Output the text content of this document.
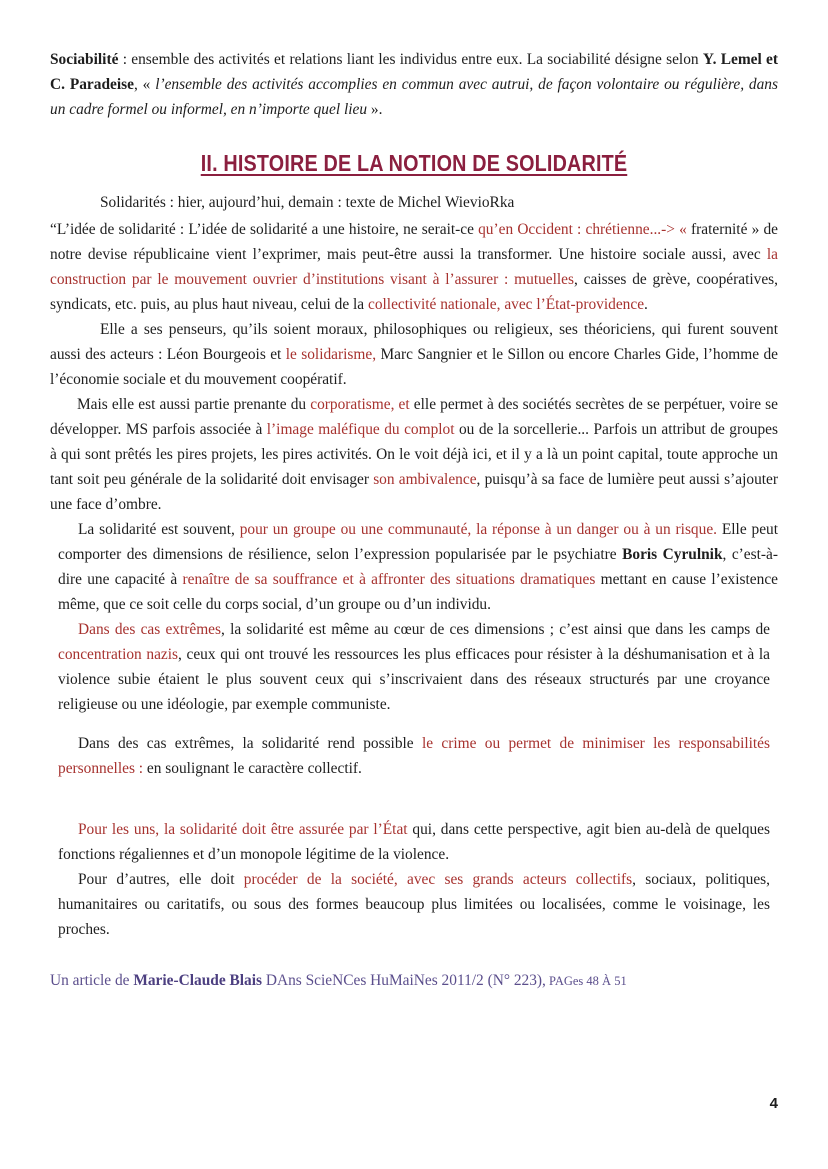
Sociabilité : ensemble des activités et relations liant les individus entre eux. La sociabilité désigne selon Y. Lemel et C. Paradeise, « l’ensemble des activités accomplies en commun avec autrui, de façon volontaire ou régulière, dans un cadre formel ou informel, en n’importe quel lieu ».

II. HISTOIRE DE LA NOTION DE SOLIDARITÉ
Solidarités : hier, aujourd’hui, demain : texte de Michel WievioRka

“L’idée de solidarité : L’idée de solidarité a une histoire, ne serait-ce qu’en Occident : chrétienne...-> « fraternité » de notre devise républicaine vient l’exprimer, mais peut-être aussi la transformer. Une histoire sociale aussi, avec la construction par le mouvement ouvrier d’institutions visant à l’assurer : mutuelles, caisses de grève, coopératives, syndicats, etc. puis, au plus haut niveau, celui de la collectivité nationale, avec l’État-providence.

Elle a ses penseurs, qu’ils soient moraux, philosophiques ou religieux, ses théoriciens, qui furent souvent aussi des acteurs : Léon Bourgeois et le solidarisme, Marc Sangnier et le Sillon ou encore Charles Gide, l’homme de l’économie sociale et du mouvement coopératif.

Mais elle est aussi partie prenante du corporatisme, et elle permet à des sociétés secrètes de se perpétuer, voire se développer. MS parfois associée à l’image maléfique du complot ou de la sorcellerie... Parfois un attribut de groupes à qui sont prêtés les pires projets, les pires activités. On le voit déjà ici, et il y a là un point capital, toute approche un tant soit peu générale de la solidarité doit envisager son ambivalence, puisqu’à sa face de lumière peut aussi s’ajouter une face d’ombre.

La solidarité est souvent, pour un groupe ou une communauté, la réponse à un danger ou à un risque. Elle peut comporter des dimensions de résilience, selon l’expression popularisée par le psychiatre Boris Cyrulnik, c’est-à-dire une capacité à renaître de sa souffrance et à affronter des situations dramatiques mettant en cause l’existence même, que ce soit celle du corps social, d’un groupe ou d’un individu.

Dans des cas extrêmes, la solidarité est même au cœur de ces dimensions ; c’est ainsi que dans les camps de concentration nazis, ceux qui ont trouvé les ressources les plus efficaces pour résister à la déshumanisation et à la violence subie étaient le plus souvent ceux qui s’inscrivaient dans des réseaux structurés par une croyance religieuse ou une idéologie, par exemple communiste.

Dans des cas extrêmes, la solidarité rend possible le crime ou permet de minimiser les responsabilités personnelles : en soulignant le caractère collectif.

Pour les uns, la solidarité doit être assurée par l’État qui, dans cette perspective, agit bien au-delà de quelques fonctions régaliennes et d’un monopole légitime de la violence.

Pour d’autres, elle doit procéder de la société, avec ses grands acteurs collectifs, sociaux, politiques, humanitaires ou caritatifs, ou sous des formes beaucoup plus limitées ou localisées, comme le voisinage, les proches.

Un article de Marie-Claude Blais DAns ScieNCes HuMaiNes 2011/2 (N° 223), PAGes 48 À 51
4
